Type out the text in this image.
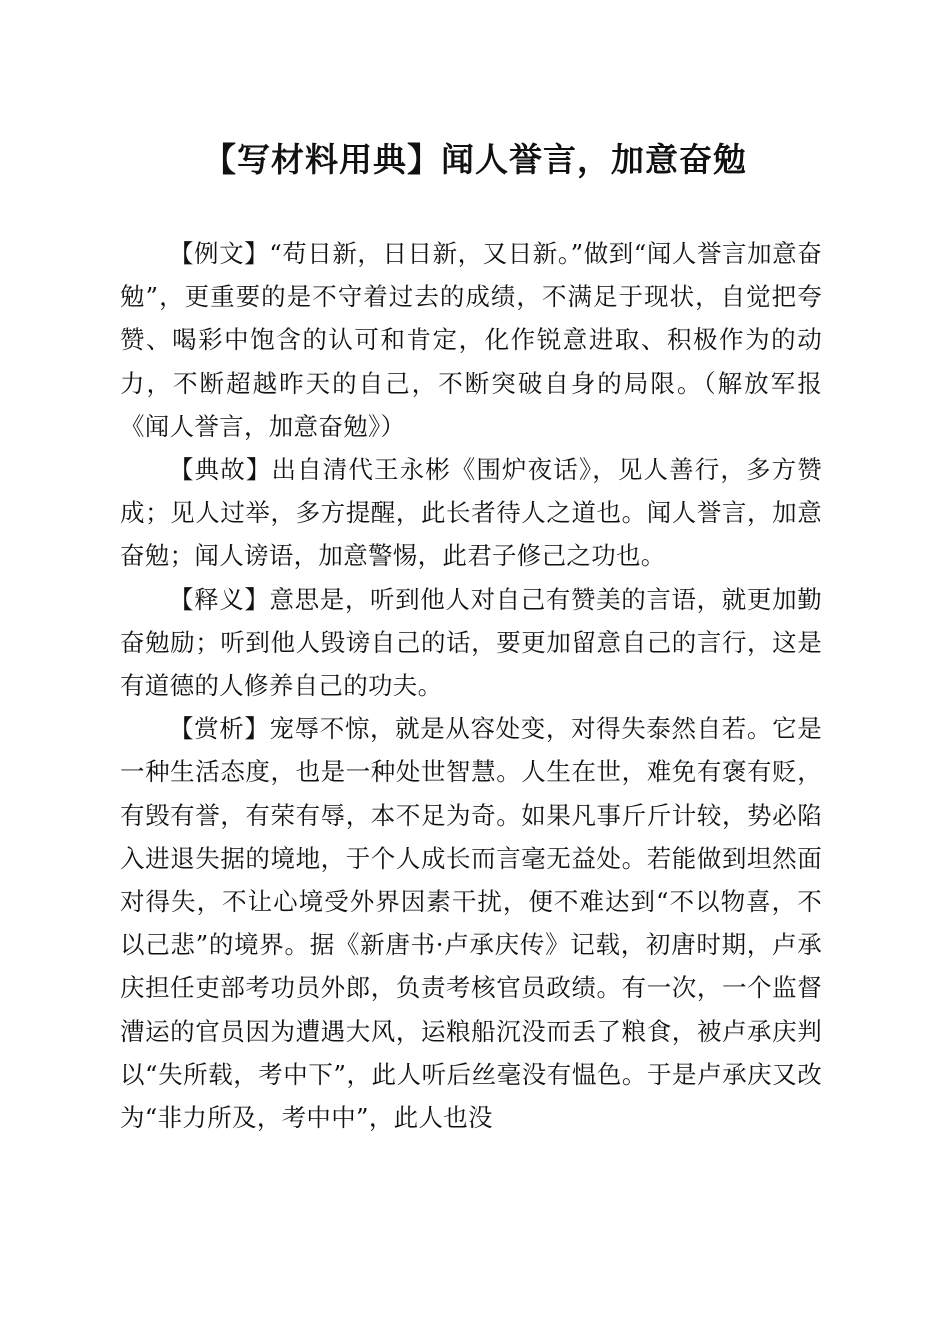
【写材料用典】闻人誉言，加意奋勉

【例文】“苟日新，日日新，又日新。”做到“闻人誉言加意奋勉”，更重要的是不守着过去的成绩，不满足于现状，自觉把夸赞、喝彩中饱含的认可和肯定，化作锐意进取、积极作为的动力，不断超越昨天的自己，不断突破自身的局限。（解放军报《闻人誉言，加意奋勉》）

【典故】出自清代王永彬《围炉夜话》，见人善行，多方赞成；见人过举，多方提醒，此长者待人之道也。闻人誉言，加意奋勉；闻人谤语，加意警惕，此君子修己之功也。

【释义】意思是，听到他人对自己有赞美的言语，就更加勤奋勉励；听到他人毁谤自己的话，要更加留意自己的言行，这是有道德的人修养自己的功夫。

【赏析】宠辱不惊，就是从容处变，对得失泰然自若。它是一种生活态度，也是一种处世智慧。人生在世，难免有褒有贬，有毁有誉，有荣有辱，本不足为奇。如果凡事斤斤计较，势必陷入进退失据的境地，于个人成长而言毫无益处。若能做到坦然面对得失，不让心境受外界因素干扰，便不难达到“不以物喜，不以己悲”的境界。据《新唐书·卢承庆传》记载，初唐时期，卢承庆担任吏部考功员外郎，负责考核官员政绩。有一次，一个监督漕运的官员因为遭遇大风，运粮船沉没而丢了粮食，被卢承庆判以“失所载，考中下”，此人听后丝毫没有愠色。于是卢承庆又改为“非力所及，考中中”，此人也没
